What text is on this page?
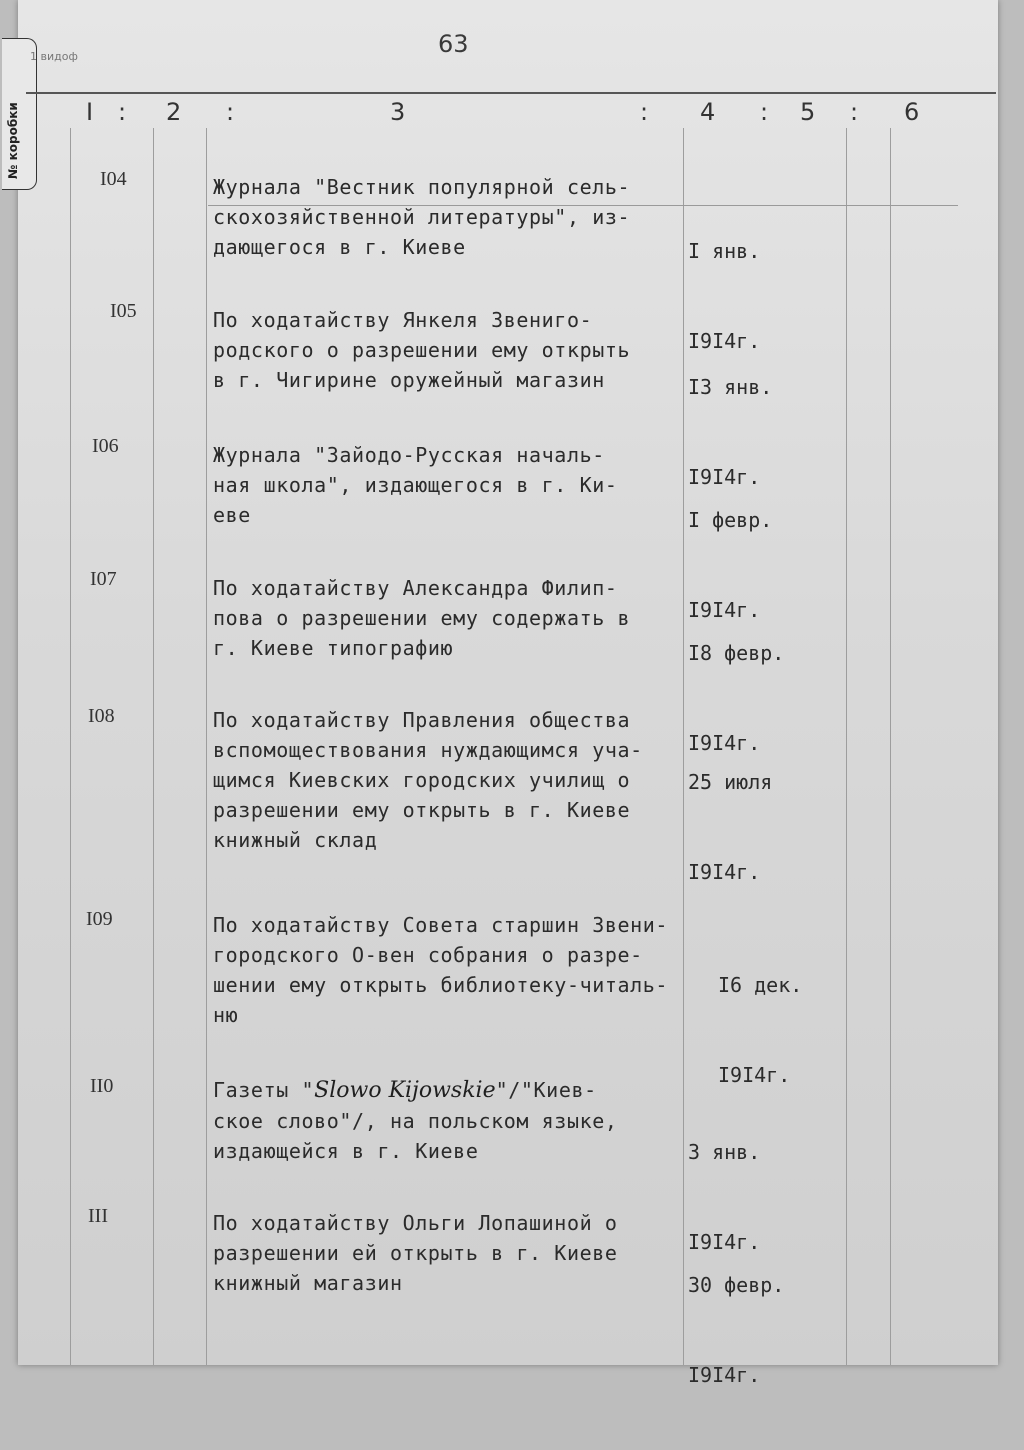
№ коробки
1 видоф	63
I : 2 :	3	: 4 : 5 : 6
I04	Журнала "Вестник популярной сель-
скохозяйственной литературы", из-
дающегося в г. Киеве

	I янв.

I9I4г.

I05	По ходатайству Янкеля Звениго-
родского о разрешении ему открыть
в г. Чигирине оружейный магазин

	I3 янв.

I9I4г.

I06	Журнала "Зайодо-Русская началь-
ная школа", издающегося в г. Ки-
еве

	I февр.

I9I4г.

I07	По ходатайству Александра Филип-
пова о разрешении ему содержать в
г. Киеве типографию

	I8 февр.

I9I4г.

I08	По ходатайству Правления общества
вспомоществования нуждающимся уча-
щимся Киевских городских училищ о
разрешении ему открыть в г. Киеве
книжный склад

25 июля

I9I4г.

I09	По ходатайству Совета старшин Звени-
городского О-вен собрания о разре-
шении ему открыть библиотеку-читаль-
ню

I6 дек.

I9I4г.

II0	Газеты "Slowo Kijowskie"/"Киев-
ское слово"/, на польском языке,
издающейся в г. Киеве

	3 янв.

I9I4г.

III	По ходатайству Ольги Лопашиной о
разрешении ей открыть в г. Киеве
книжный магазин

	30 февр.

I9I4г.
